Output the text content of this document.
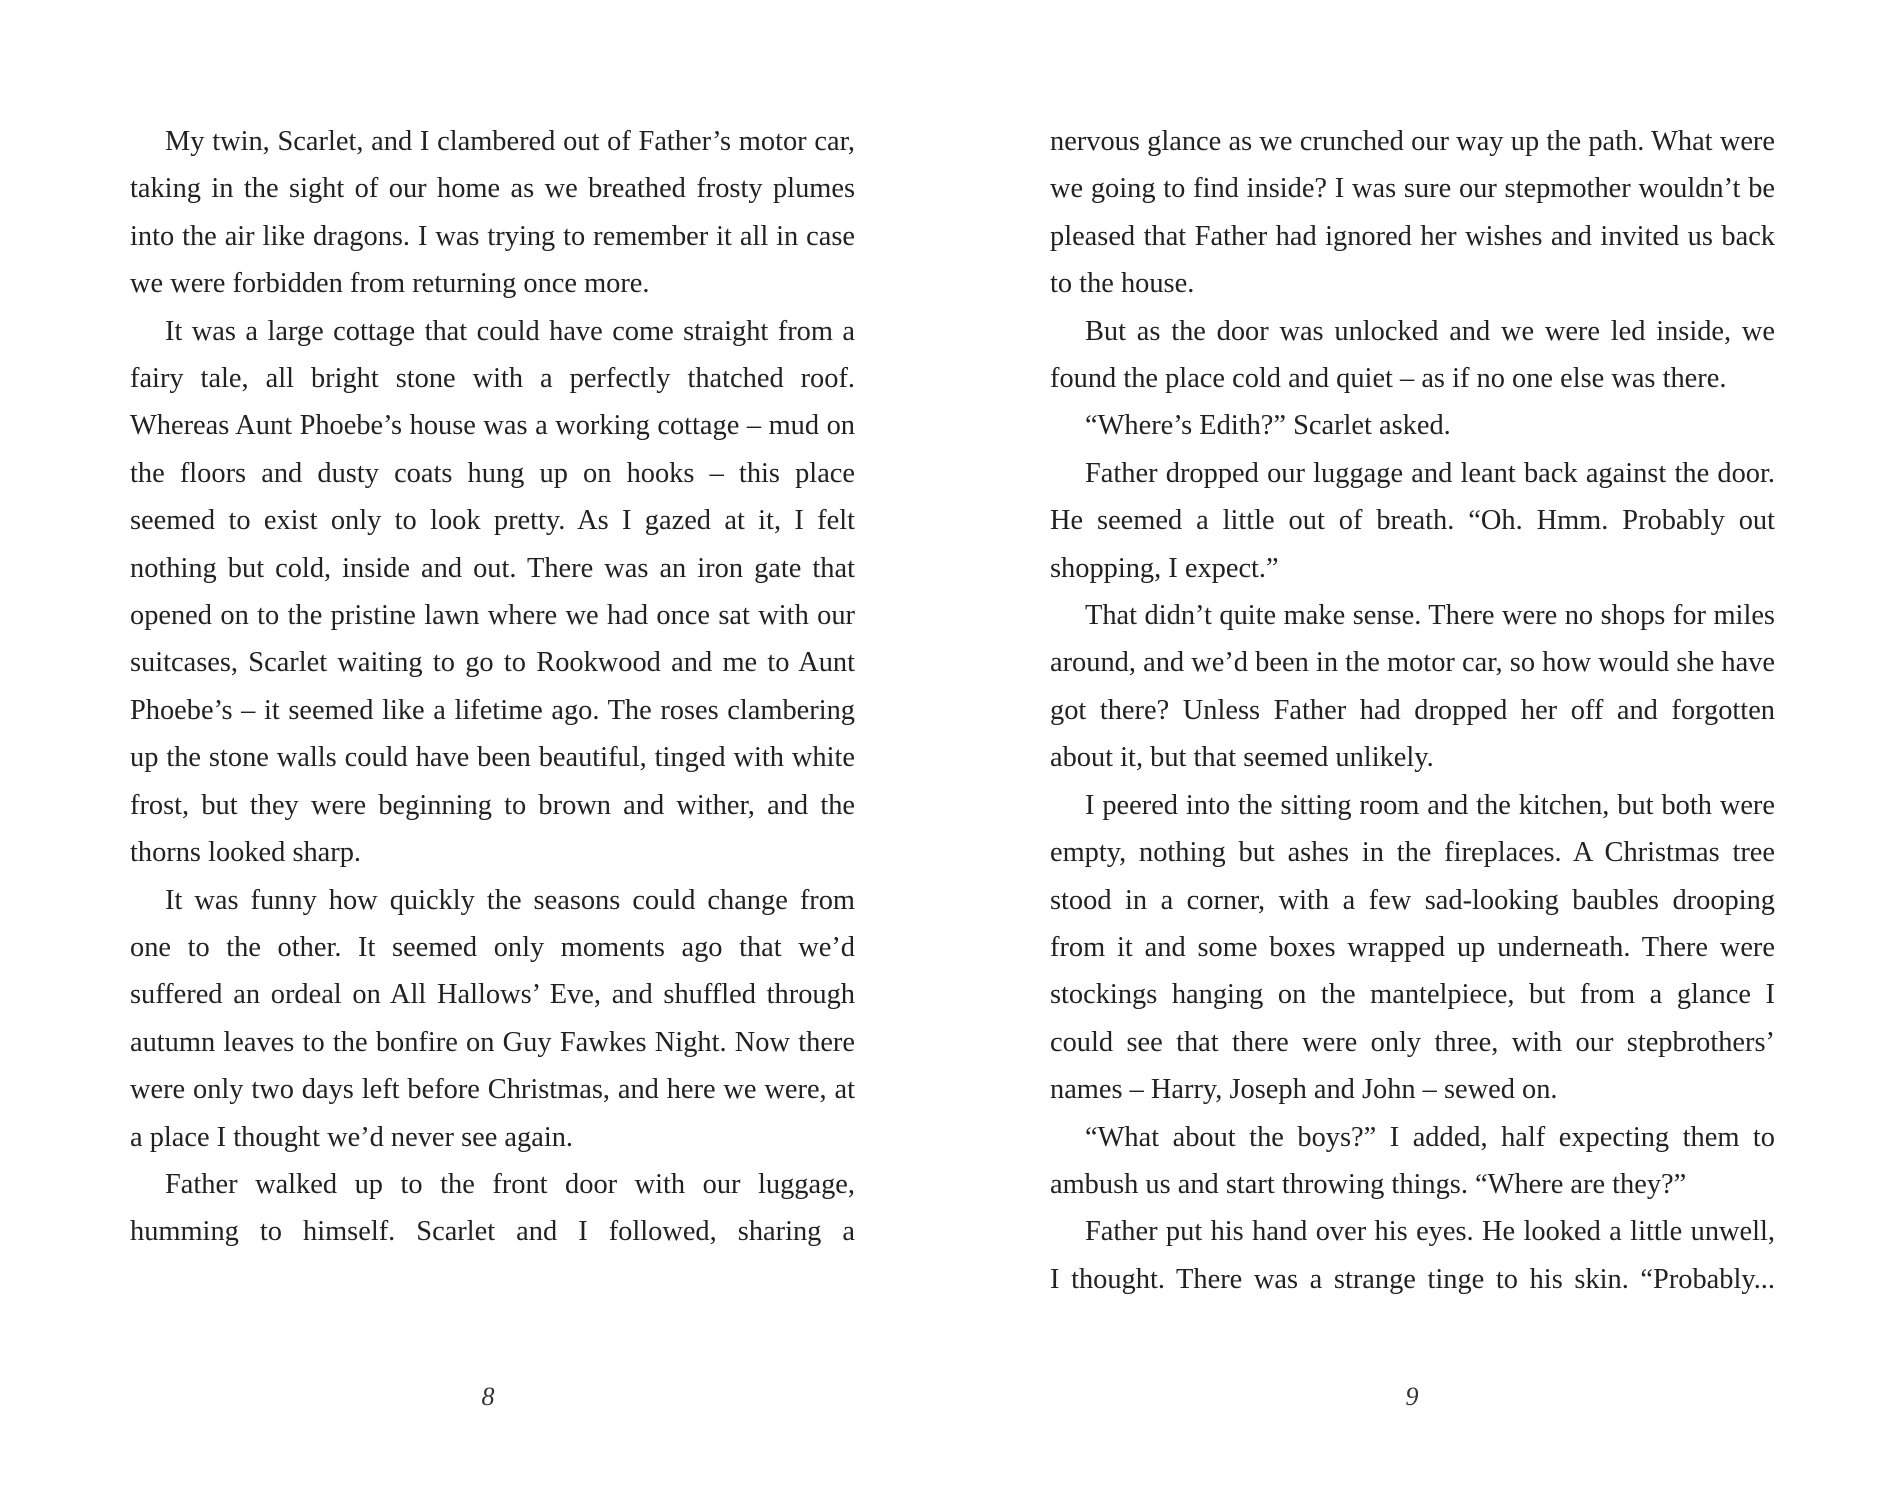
My twin, Scarlet, and I clambered out of Father’s motor car, taking in the sight of our home as we breathed frosty plumes into the air like dragons. I was trying to remember it all in case we were forbidden from returning once more.

It was a large cottage that could have come straight from a fairy tale, all bright stone with a perfectly thatched roof. Whereas Aunt Phoebe’s house was a working cottage – mud on the floors and dusty coats hung up on hooks – this place seemed to exist only to look pretty. As I gazed at it, I felt nothing but cold, inside and out. There was an iron gate that opened on to the pristine lawn where we had once sat with our suitcases, Scarlet waiting to go to Rookwood and me to Aunt Phoebe’s – it seemed like a lifetime ago. The roses clambering up the stone walls could have been beautiful, tinged with white frost, but they were beginning to brown and wither, and the thorns looked sharp.

It was funny how quickly the seasons could change from one to the other. It seemed only moments ago that we’d suffered an ordeal on All Hallows’ Eve, and shuffled through autumn leaves to the bonfire on Guy Fawkes Night. Now there were only two days left before Christmas, and here we were, at a place I thought we’d never see again.

Father walked up to the front door with our luggage, humming to himself. Scarlet and I followed, sharing a

nervous glance as we crunched our way up the path. What were we going to find inside? I was sure our stepmother wouldn’t be pleased that Father had ignored her wishes and invited us back to the house.

But as the door was unlocked and we were led inside, we found the place cold and quiet – as if no one else was there.

“Where’s Edith?” Scarlet asked.

Father dropped our luggage and leant back against the door. He seemed a little out of breath. “Oh. Hmm. Probably out shopping, I expect.”

That didn’t quite make sense. There were no shops for miles around, and we’d been in the motor car, so how would she have got there? Unless Father had dropped her off and forgotten about it, but that seemed unlikely.

I peered into the sitting room and the kitchen, but both were empty, nothing but ashes in the fireplaces. A Christmas tree stood in a corner, with a few sad-looking baubles drooping from it and some boxes wrapped up underneath. There were stockings hanging on the mantelpiece, but from a glance I could see that there were only three, with our stepbrothers’ names – Harry, Joseph and John – sewed on.

“What about the boys?” I added, half expecting them to ambush us and start throwing things. “Where are they?”

Father put his hand over his eyes. He looked a little unwell, I thought. There was a strange tinge to his skin. “Probably...

8	9
